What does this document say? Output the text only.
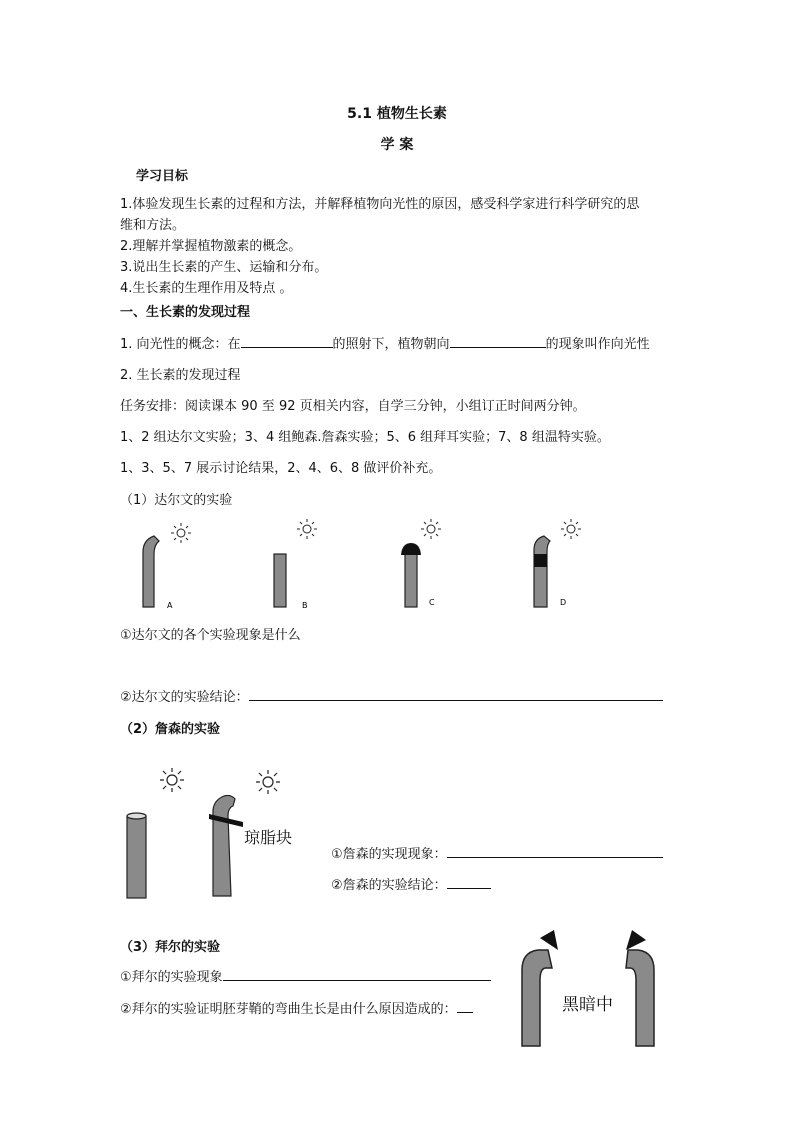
5.1 植物生长素
学 案
学习目标
1.体验发现生长素的过程和方法，并解释植物向光性的原因，感受科学家进行科学研究的思
维和方法。
2.理解并掌握植物激素的概念。
3.说出生长素的产生、运输和分布。
4.生长素的生理作用及特点 。
一、生长素的发现过程
1. 向光性的概念：在	的照射下，植物朝向	的现象叫作向光性
2. 生长素的发现过程
任务安排：阅读课本 90 至 92 页相关内容，自学三分钟，小组订正时间两分钟。
1、2 组达尔文实验；3、4 组鲍森.詹森实验；5、6 组拜耳实验；7、8 组温特实验。
1、3、5、7 展示讨论结果，2、4、6、8 做评价补充。
（1）达尔文的实验
A	B	C	D
①达尔文的各个实验现象是什么
②达尔文的实验结论：
（2）詹森的实验
琼脂块
①詹森的实现现象：
②詹森的实验结论：
（3）拜尔的实验
①拜尔的实验现象
②拜尔的实验证明胚芽鞘的弯曲生长是由什么原因造成的：	黑暗中
